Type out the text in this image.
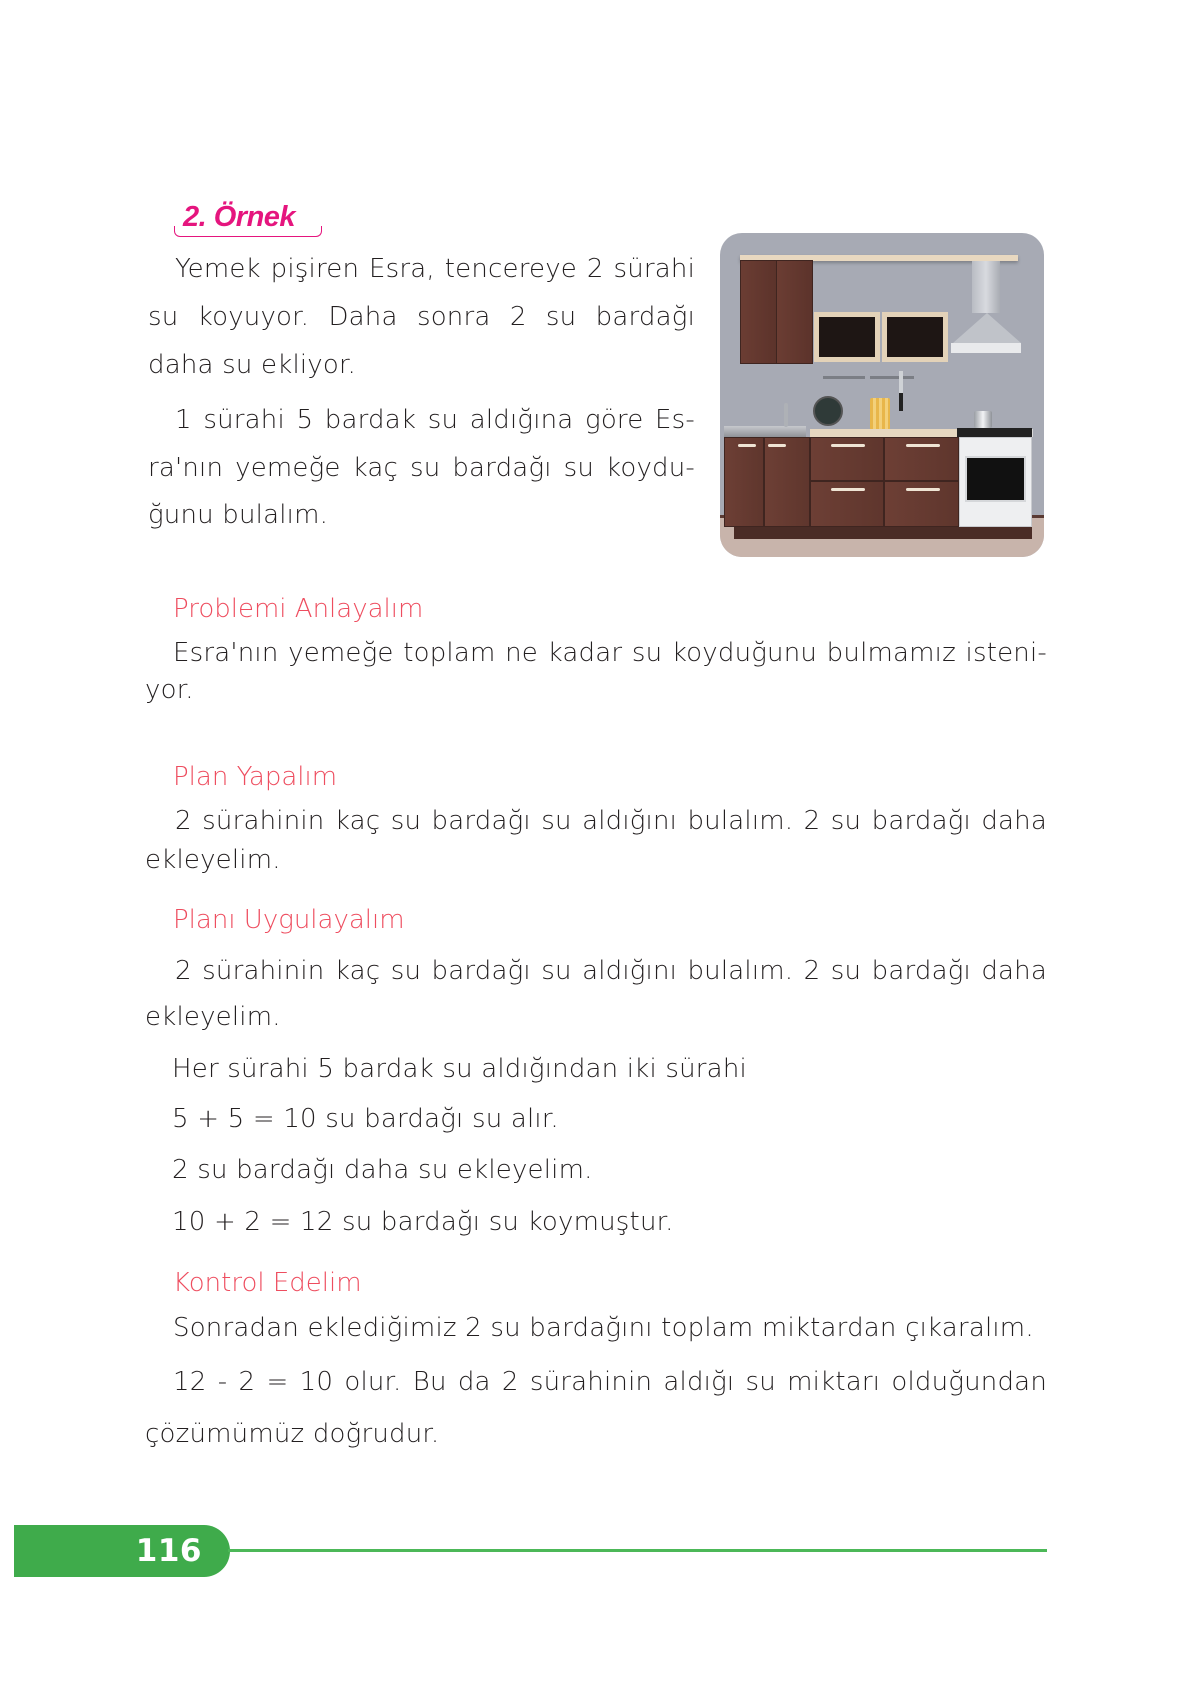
2. Örnek
Yemek pişiren Esra, tencereye 2 sürahi
su koyuyor. Daha sonra 2 su bardağı
daha su ekliyor.
1 sürahi 5 bardak su aldığına göre Es-
ra'nın yemeğe kaç su bardağı su koydu-
ğunu bulalım.
Problemi Anlayalım
Esra'nın yemeğe toplam ne kadar su koyduğunu bulmamız isteni-
yor.
Plan Yapalım
2 sürahinin kaç su bardağı su aldığını bulalım. 2 su bardağı daha
ekleyelim.
Planı Uygulayalım
2 sürahinin kaç su bardağı su aldığını bulalım. 2 su bardağı daha
ekleyelim.
Her sürahi 5 bardak su aldığından iki sürahi
5 + 5 = 10 su bardağı su alır.
2 su bardağı daha su ekleyelim.
10 + 2 = 12 su bardağı su koymuştur.
Kontrol Edelim
Sonradan eklediğimiz 2 su bardağını toplam miktardan çıkaralım.
12 - 2 = 10 olur. Bu da 2 sürahinin aldığı su miktarı olduğundan
çözümümüz doğrudur.
116
